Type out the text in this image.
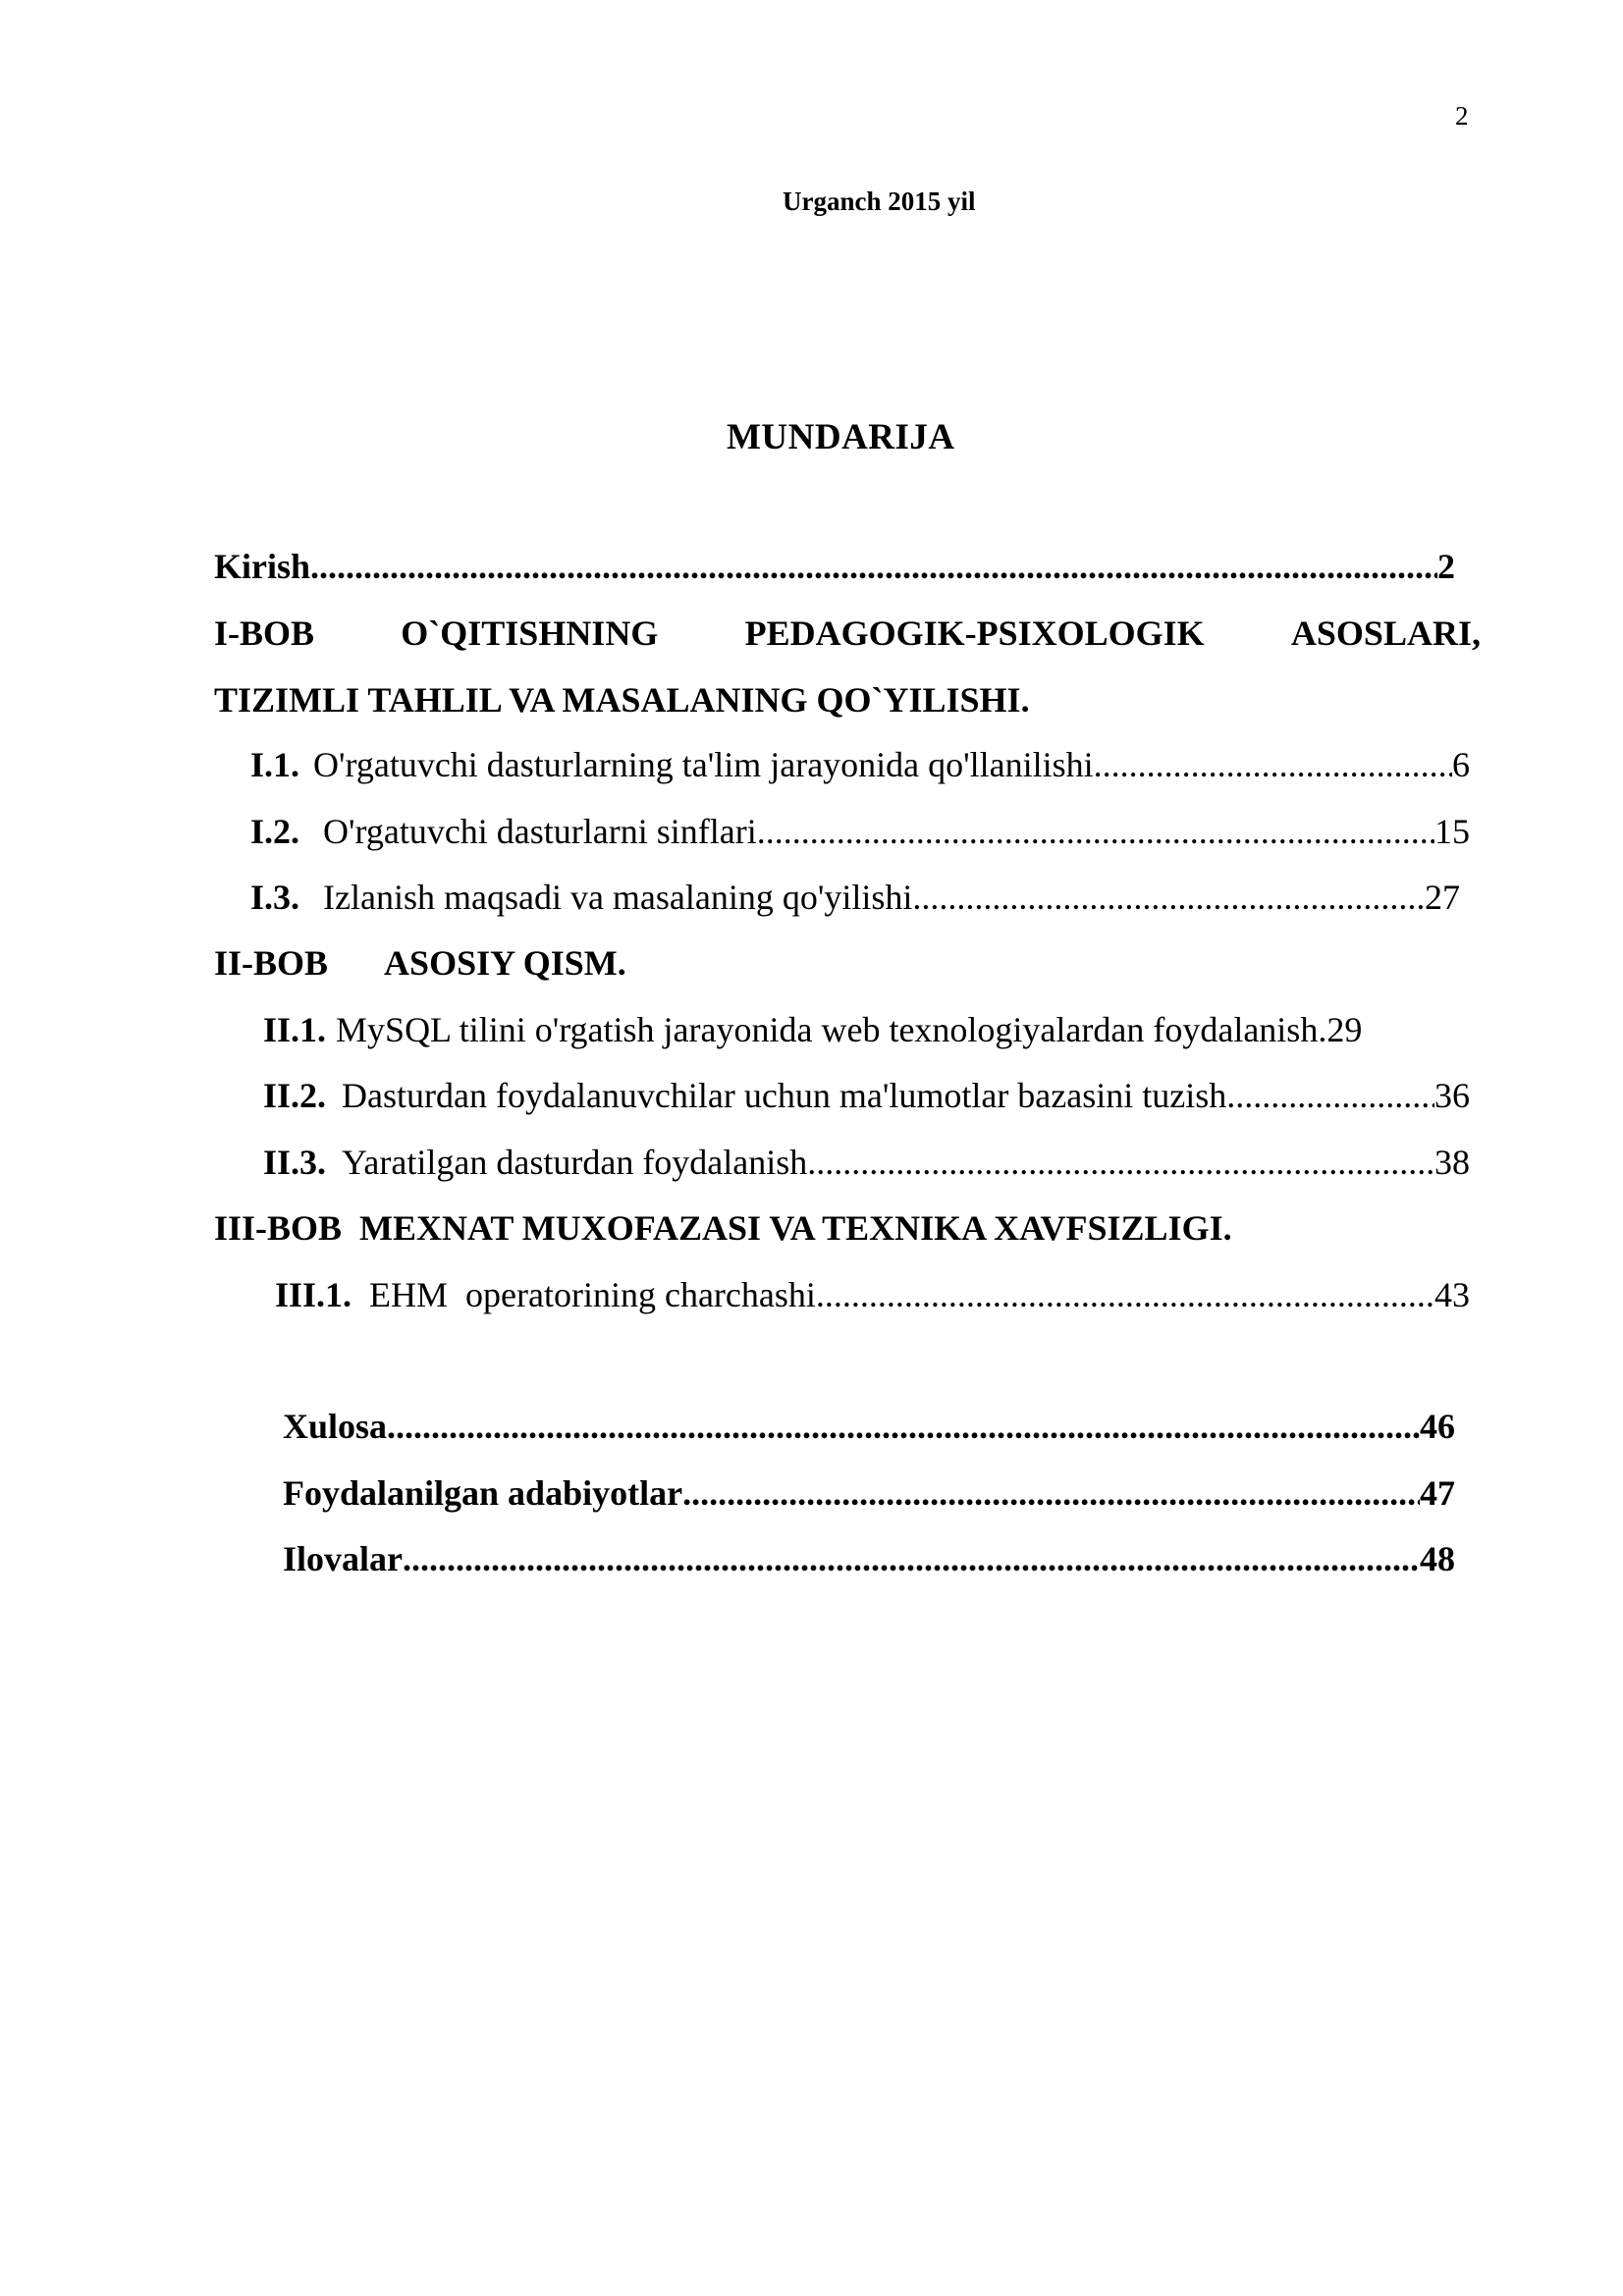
2
Urganch 2015 yil
MUNDARIJA
Kirish .....	2
I-BOB O`QITISHNING PEDAGOGIK-PSIXOLOGIK ASOSLARI,
TIZIMLI TAHLIL VA MASALANING QO`YILISHI.
I.1. O'rgatuvchi dasturlarning ta'lim jarayonida qo'llanilishi .....	6
I.2. O'rgatuvchi dasturlarni sinflari .....	15
I.3. Izlanish maqsadi va masalaning qo'yilishi .....	27
II-BOB ASOSIY QISM.
II.1. MySQL tilini o'rgatish jarayonida web texnologiyalardan foydalanish. 29
II.2. Dasturdan foydalanuvchilar uchun ma'lumotlar bazasini tuzish .....	36
II.3. Yaratilgan dasturdan foydalanish .....	38
III-BOB  MEXNAT MUXOFAZASI VA TEXNIKA XAVFSIZLIGI.
III.1. EHM  operatorining charchashi .....	43
Xulosa .....	46
Foydalanilgan adabiyotlar .....	47
Ilovalar .....	48
